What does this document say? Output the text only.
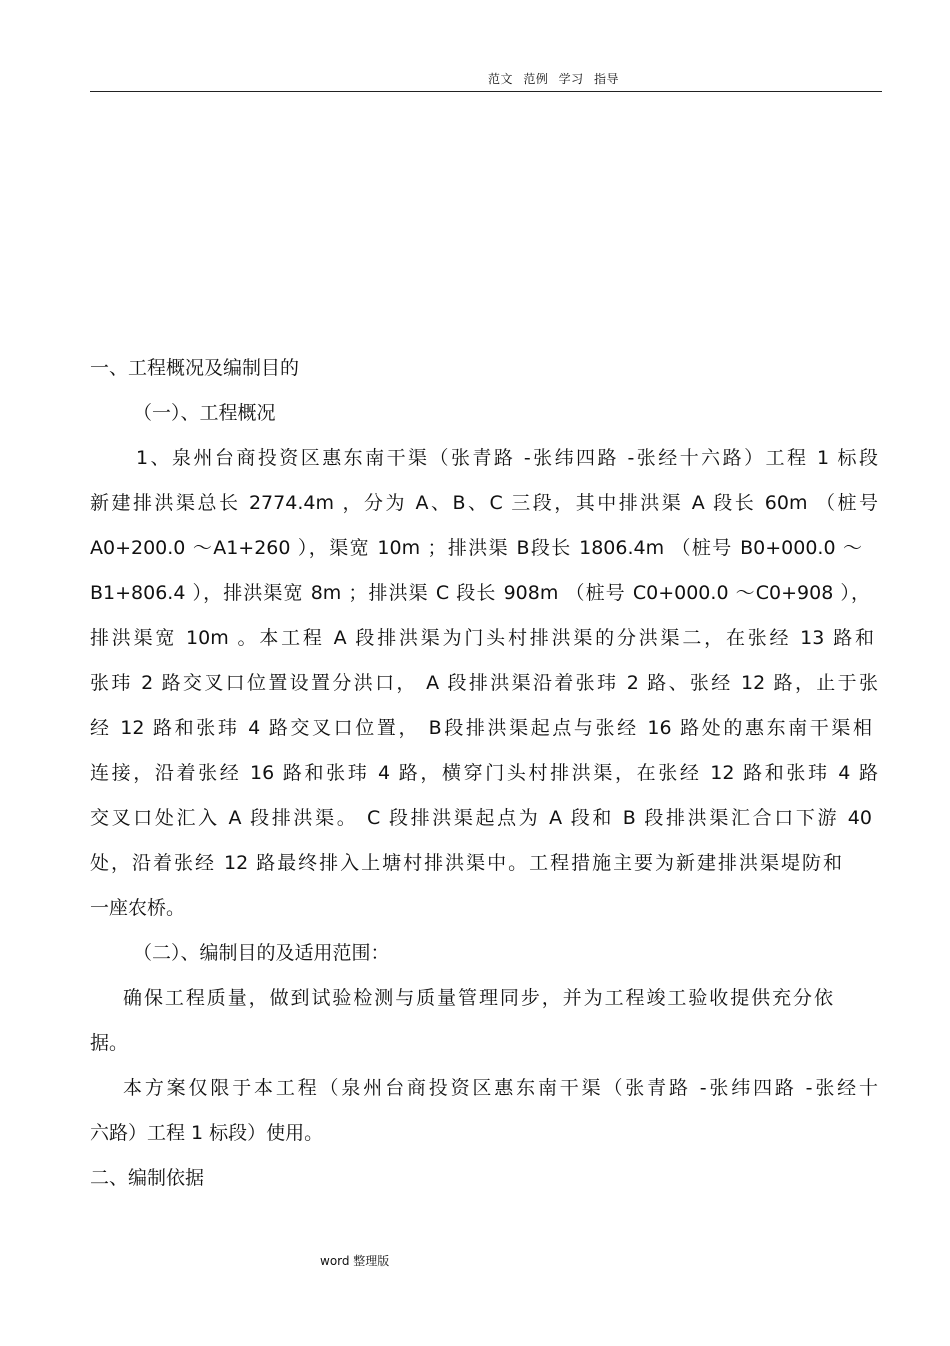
范文 范例 学习 指导
一、工程概况及编制目的
（一）、工程概况
1、泉州台商投资区惠东南干渠（张青路 -张纬四路 -张经十六路）工程 1 标段
新建排洪渠总长 2774.4m ，分为 A、B、C 三段，其中排洪渠 A 段长 60m （桩号
A0+200.0 ～A1+260 ），渠宽 10m ；排洪渠 B段长 1806.4m （桩号 B0+000.0 ～
B1+806.4 ），排洪渠宽 8m ；排洪渠 C 段长 908m （桩号 C0+000.0 ～C0+908 ），
排洪渠宽 10m 。本工程 A 段排洪渠为门头村排洪渠的分洪渠二，在张经 13 路和
张玮 2 路交叉口位置设置分洪口， A 段排洪渠沿着张玮 2 路、张经 12 路，止于张
经 12 路和张玮 4 路交叉口位置， B段排洪渠起点与张经 16 路处的惠东南干渠相
连接，沿着张经 16 路和张玮 4 路，横穿门头村排洪渠，在张经 12 路和张玮 4 路
交叉口处汇入 A 段排洪渠。 C 段排洪渠起点为 A 段和 B 段排洪渠汇合口下游 40
处，沿着张经 12 路最终排入上塘村排洪渠中。工程措施主要为新建排洪渠堤防和
一座农桥。
（二）、编制目的及适用范围：
确保工程质量，做到试验检测与质量管理同步，并为工程竣工验收提供充分依
据。
本方案仅限于本工程（泉州台商投资区惠东南干渠（张青路 -张纬四路 -张经十
六路）工程 1 标段）使用。
二、编制依据
word 整理版
